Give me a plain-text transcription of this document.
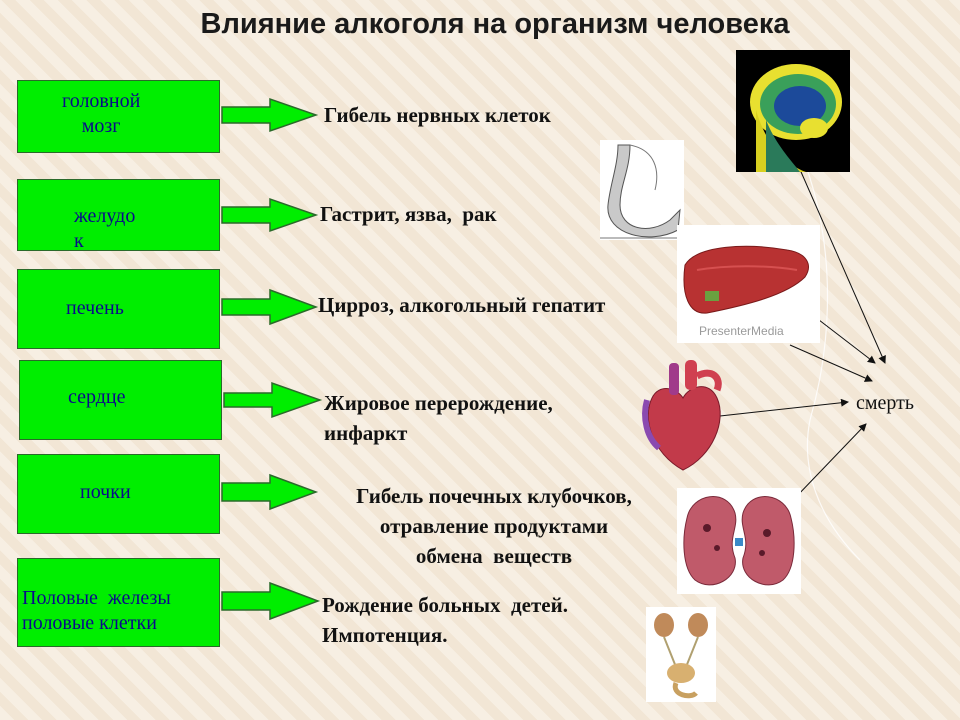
Влияние алкоголя на организм человека
головной
мозг
желудо
к
печень
сердце
почки
Половые  железы
половые клетки
Гибель нервных клеток
Гастрит, язва,  рак
Цирроз, алкогольный гепатит
Жировое перерождение,
инфаркт
Гибель почечных клубочков,
отравление продуктами
обмена  веществ
Рождение больных  детей.
Импотенция.
смерть
PresenterMedia
